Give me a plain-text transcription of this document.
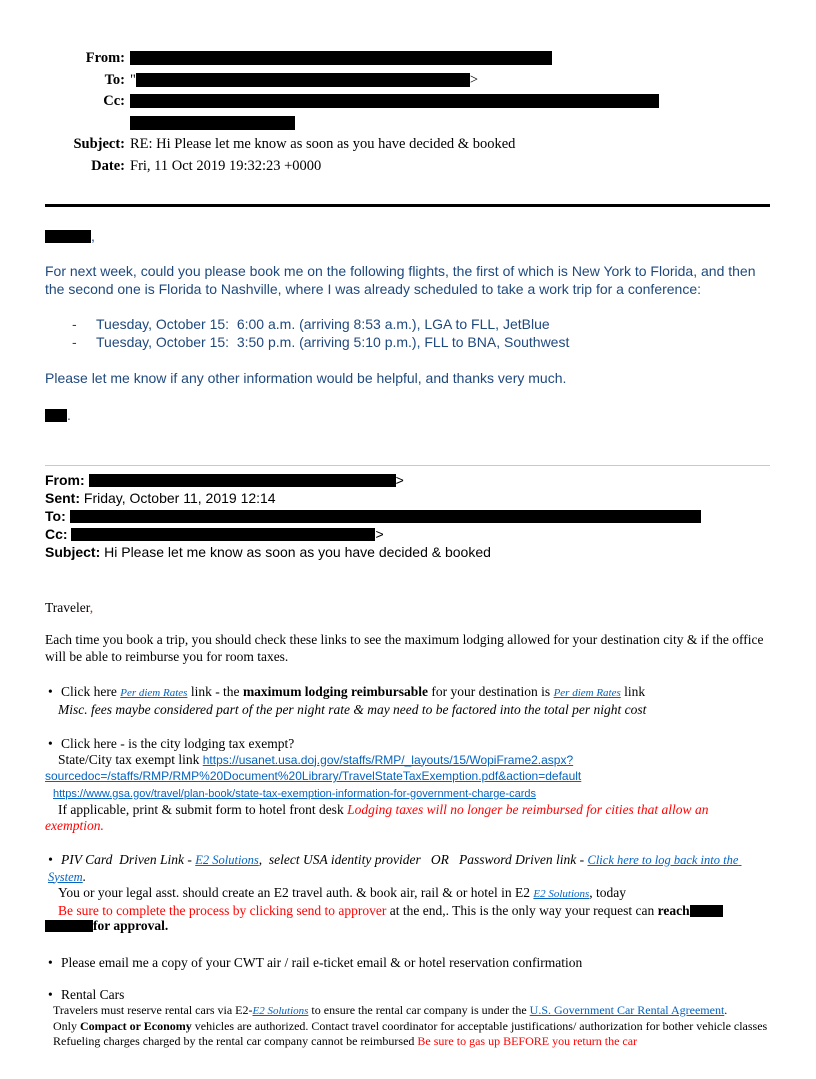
From:
To: "	>
Cc:

Subject: RE: Hi Please let me know as soon as you have decided & booked
Date: Fri, 11 Oct 2019 19:32:23 +0000
,
For next week, could you please book me on the following flights, the first of which is New York to Florida, and then the second one is Florida to Nashville, where I was already scheduled to take a work trip for a conference:
- Tuesday, October 15:  6:00 a.m. (arriving 8:53 a.m.), LGA to FLL, JetBlue
- Tuesday, October 15:  3:50 p.m. (arriving 5:10 p.m.), FLL to BNA, Southwest
Please let me know if any other information would be helpful, and thanks very much.
.
From:	>
Sent: Friday, October 11, 2019 12:14
To:
Cc:	>
Subject: Hi Please let me know as soon as you have decided & booked
Traveler,
Each time you book a trip, you should check these links to see the maximum lodging allowed for your destination city & if the office will be able to reimburse you for room taxes.
• Click here Per diem Rates link - the maximum lodging reimbursable for your destination is Per diem Rates link
Misc. fees maybe considered part of the per night rate & may need to be factored into the total per night cost
• Click here - is the city lodging tax exempt?
State/City tax exempt link https://usanet.usa.doj.gov/staffs/RMP/_layouts/15/WopiFrame2.aspx?
sourcedoc=/staffs/RMP/RMP%20Document%20Library/TravelStateTaxExemption.pdf&action=default
https://www.gsa.gov/travel/plan-book/state-tax-exemption-information-for-government-charge-cards
If applicable, print & submit form to hotel front desk Lodging taxes will no longer be reimbursed for cities that allow an
exemption.
• PIV Card  Driven Link - E2 Solutions,  select USA identity provider   OR   Password Driven link - Click here to log back into the System.
You or your legal asst. should create an E2 travel auth. & book air, rail & or hotel in E2 E2 Solutions, today
Be sure to complete the process by clicking send to approver at the end,. This is the only way your request can reach
for approval.
• Please email me a copy of your CWT air / rail e-ticket email & or hotel reservation confirmation
• Rental Cars
Travelers must reserve rental cars via E2-E2 Solutions to ensure the rental car company is under the U.S. Government Car Rental Agreement.
Only Compact or Economy vehicles are authorized. Contact travel coordinator for acceptable justifications/ authorization for bother vehicle classes
Refueling charges charged by the rental car company cannot be reimbursed Be sure to gas up BEFORE you return the car
